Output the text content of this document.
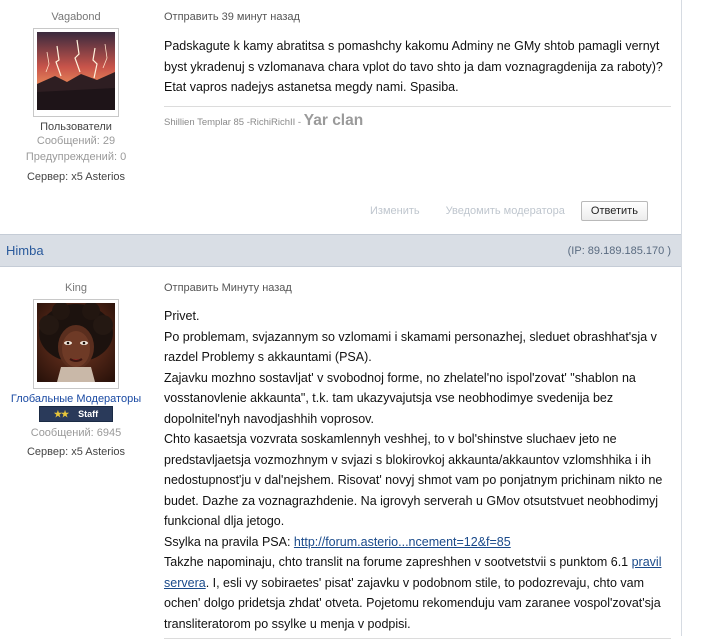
Vagabond
Пользователи
Сообщений: 29
Предупреждений: 0
Сервер: x5 Asterios
Отправить 39 минут назад

Padskagute k kamy abratitsa s pomashchy kakomu Adminy ne GMy shtob pamagli vernyt byst ykradenuj s vzlomanava chara vplot do tavo shto ja dam voznagragdenija za raboty)?

Etat vapros nadejys astanetsa megdy nami. Spasiba.

Shillien Templar 85 -RichiRichII - Yar clan
Изменить Уведомить модератора	Ответить
Himba	(IP: 89.189.185.170 )
King
Глобальные Модераторы
★★ Staff
Сообщений: 6945
Сервер: x5 Asterios
Отправить Минуту назад

Privet.

Po problemam, svjazannym so vzlomami i skamami personazhej, sleduet obrashhat'sja v razdel Problemy s akkauntami (PSA).

Zajavku mozhno sostavljat' v svobodnoj forme, no zhelatel'no ispol'zovat' "shablon na vosstanovlenie akkaunta", t.k. tam ukazyvajutsja vse neobhodimye svedenija bez dopolnitel'nyh navodjashhih voprosov.

Chto kasaetsja vozvrata soskamlennyh veshhej, to v bol'shinstve sluchaev jeto ne predstavljaetsja vozmozhnym v svjazi s blokirovkoj akkaunta/akkauntov vzlomshhika i ih nedostupnost'ju v dal'nejshem. Risovat' novyj shmot vam po ponjatnym prichinam nikto ne budet. Dazhe za voznagrazhdenie. Na igrovyh serverah u GMov otsutstvuet neobhodimyj funkcional dlja jetogo.

Ssylka na pravila PSA: http://forum.asterio...ncement=12&f=85

Takzhe napominaju, chto translit na forume zapreshhen v sootvetstvii s punktom 6.1 pravil servera. I, esli vy sobiraetes' pisat' zajavku v podobnom stile, to podozrevaju, chto vam ochen' dolgo pridetsja zhdat' otveta. Pojetomu rekomenduju vam zaranee vospol'zovat'sja transliteratorom po ssylke u menja v podpisi.
